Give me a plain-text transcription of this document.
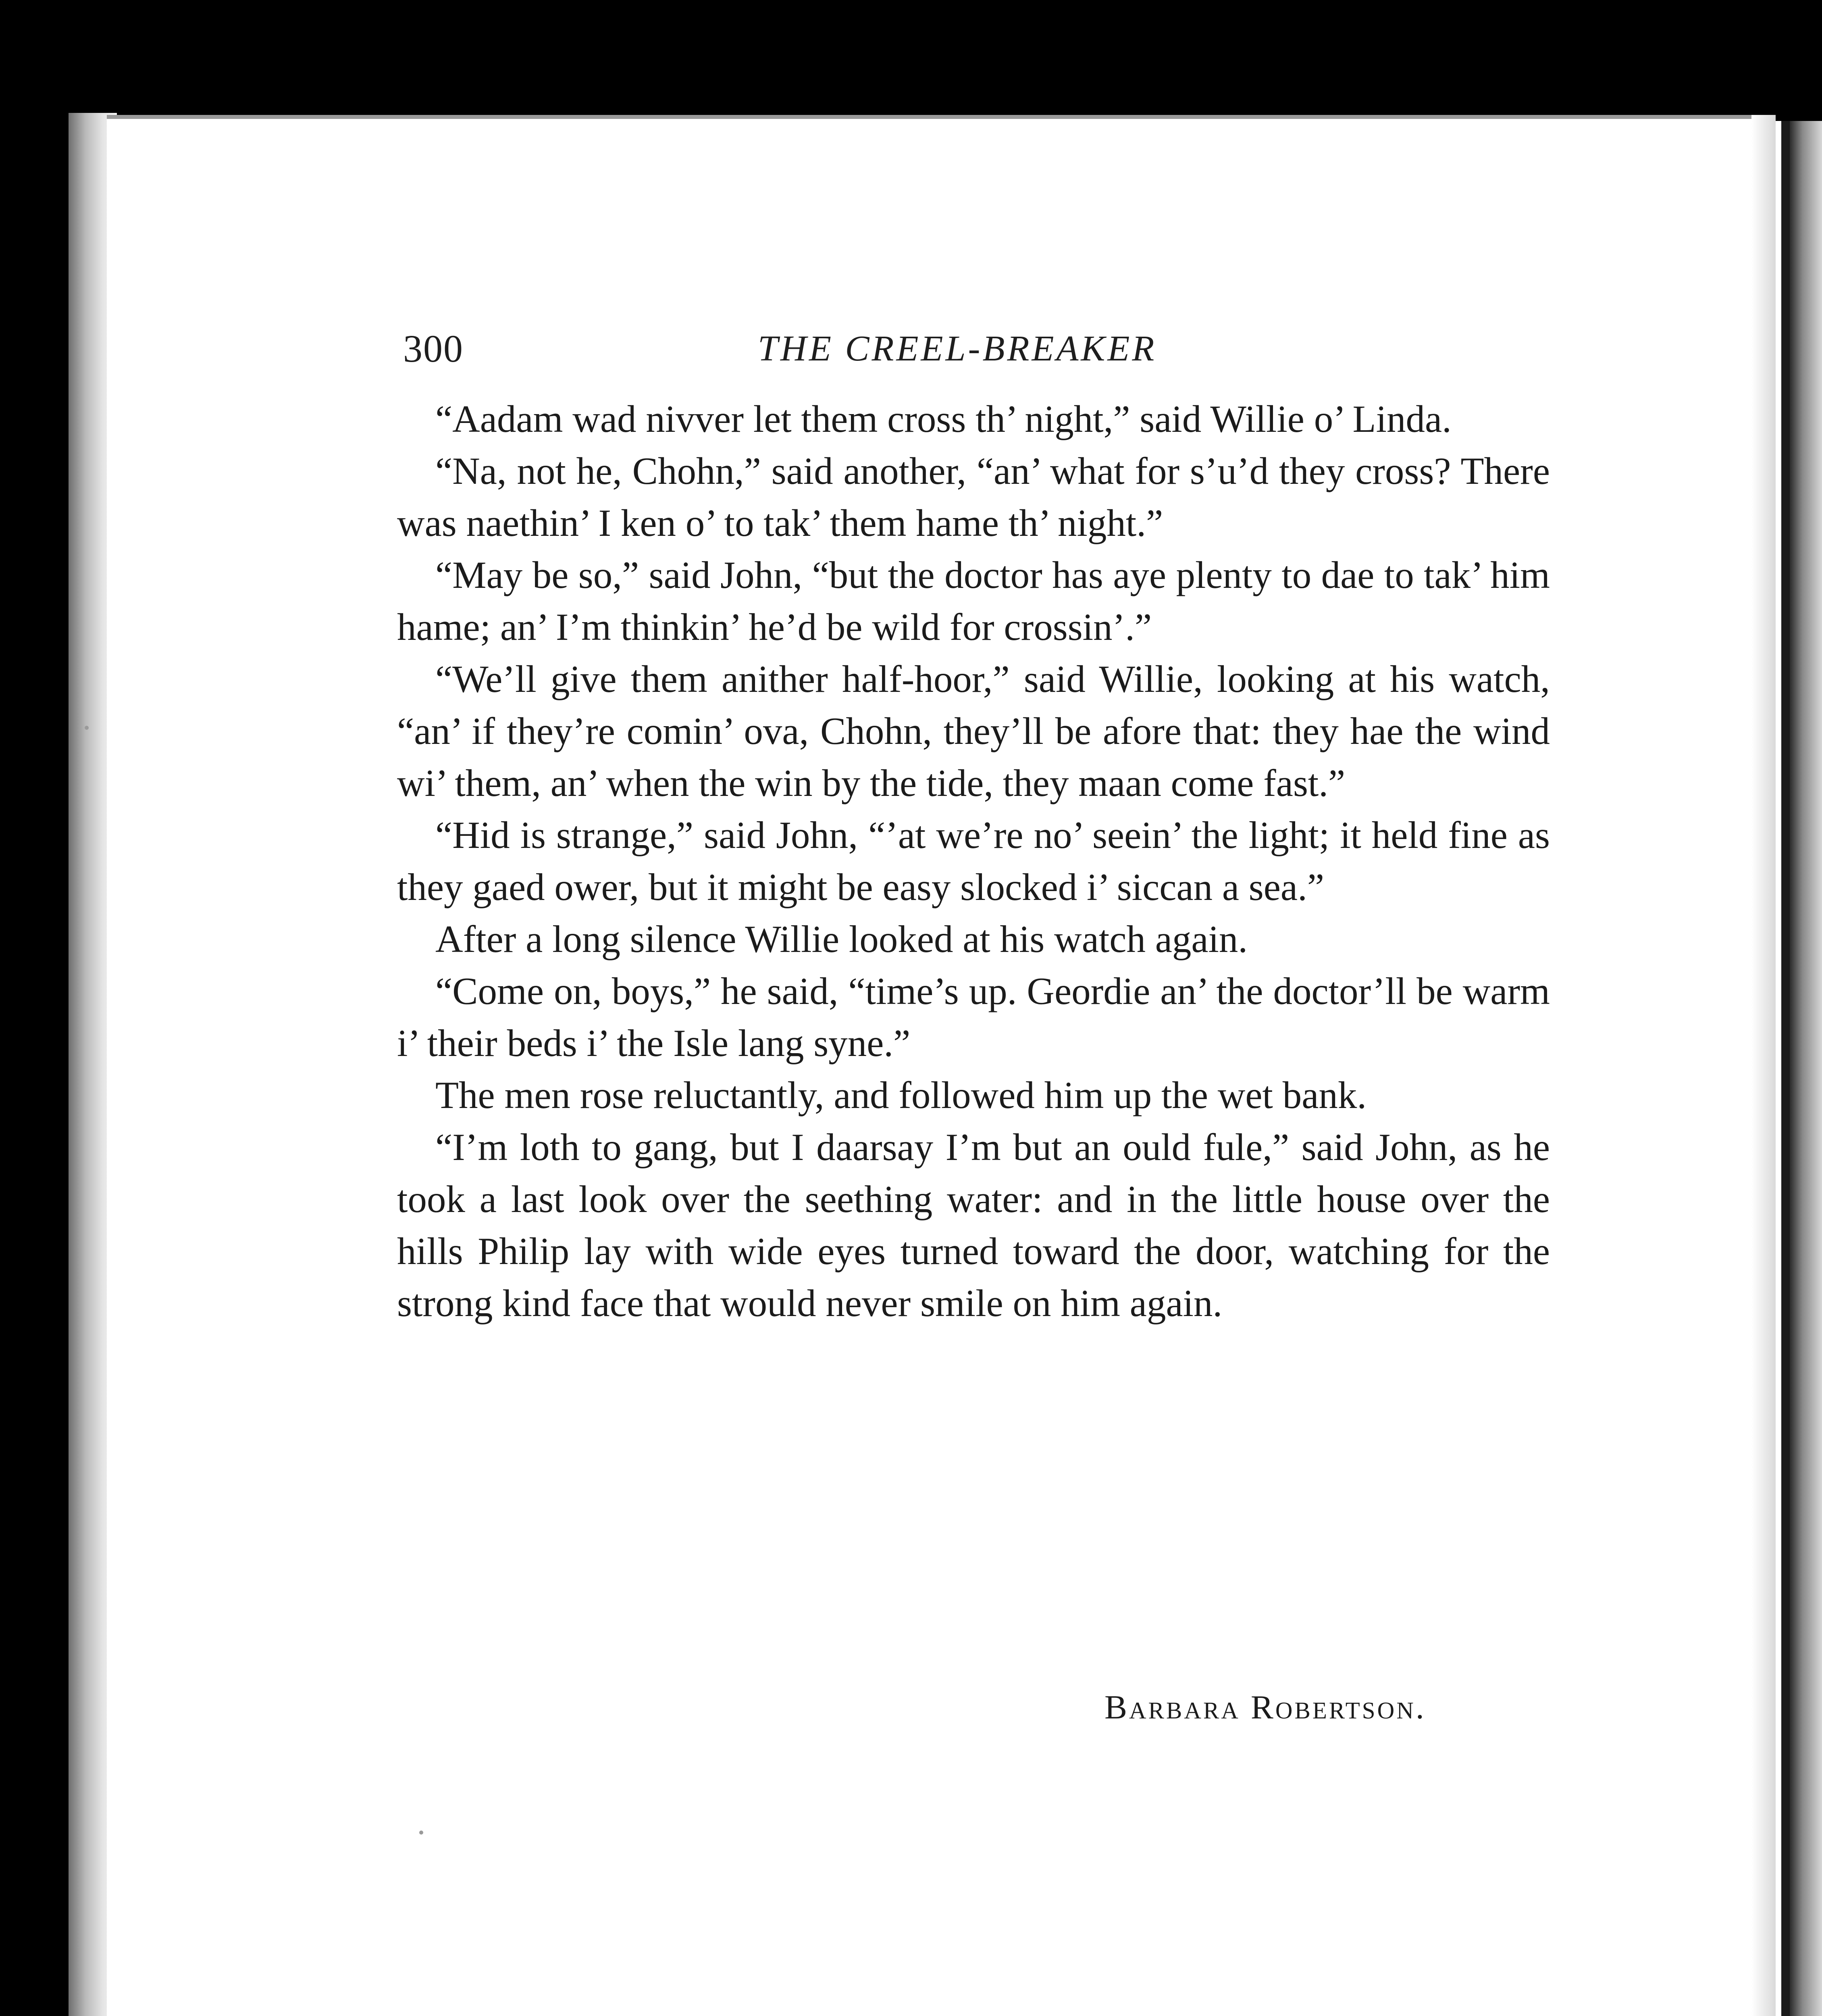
300	THE CREEL-BREAKER

“Aadam wad nivver let them cross th’ night,” said Willie o’ Linda.

“Na, not he, Chohn,” said another, “an’ what for s’u’d they cross? There was naethin’ I ken o’ to tak’ them hame th’ night.”

“May be so,” said John, “but the doctor has aye plenty to dae to tak’ him hame; an’ I’m thinkin’ he’d be wild for crossin’.”

“We’ll give them anither half-hoor,” said Willie, looking at his watch, “an’ if they’re comin’ ova, Chohn, they’ll be afore that: they hae the wind wi’ them, an’ when the win by the tide, they maan come fast.”

“Hid is strange,” said John, “’at we’re no’ seein’ the light; it held fine as they gaed ower, but it might be easy slocked i’ siccan a sea.”

After a long silence Willie looked at his watch again.

“Come on, boys,” he said, “time’s up. Geordie an’ the doctor’ll be warm i’ their beds i’ the Isle lang syne.”

The men rose reluctantly, and followed him up the wet bank.

“I’m loth to gang, but I daarsay I’m but an ould fule,” said John, as he took a last look over the seething water: and in the little house over the hills Philip lay with wide eyes turned toward the door, watching for the strong kind face that would never smile on him again.

Barbara Robertson.
